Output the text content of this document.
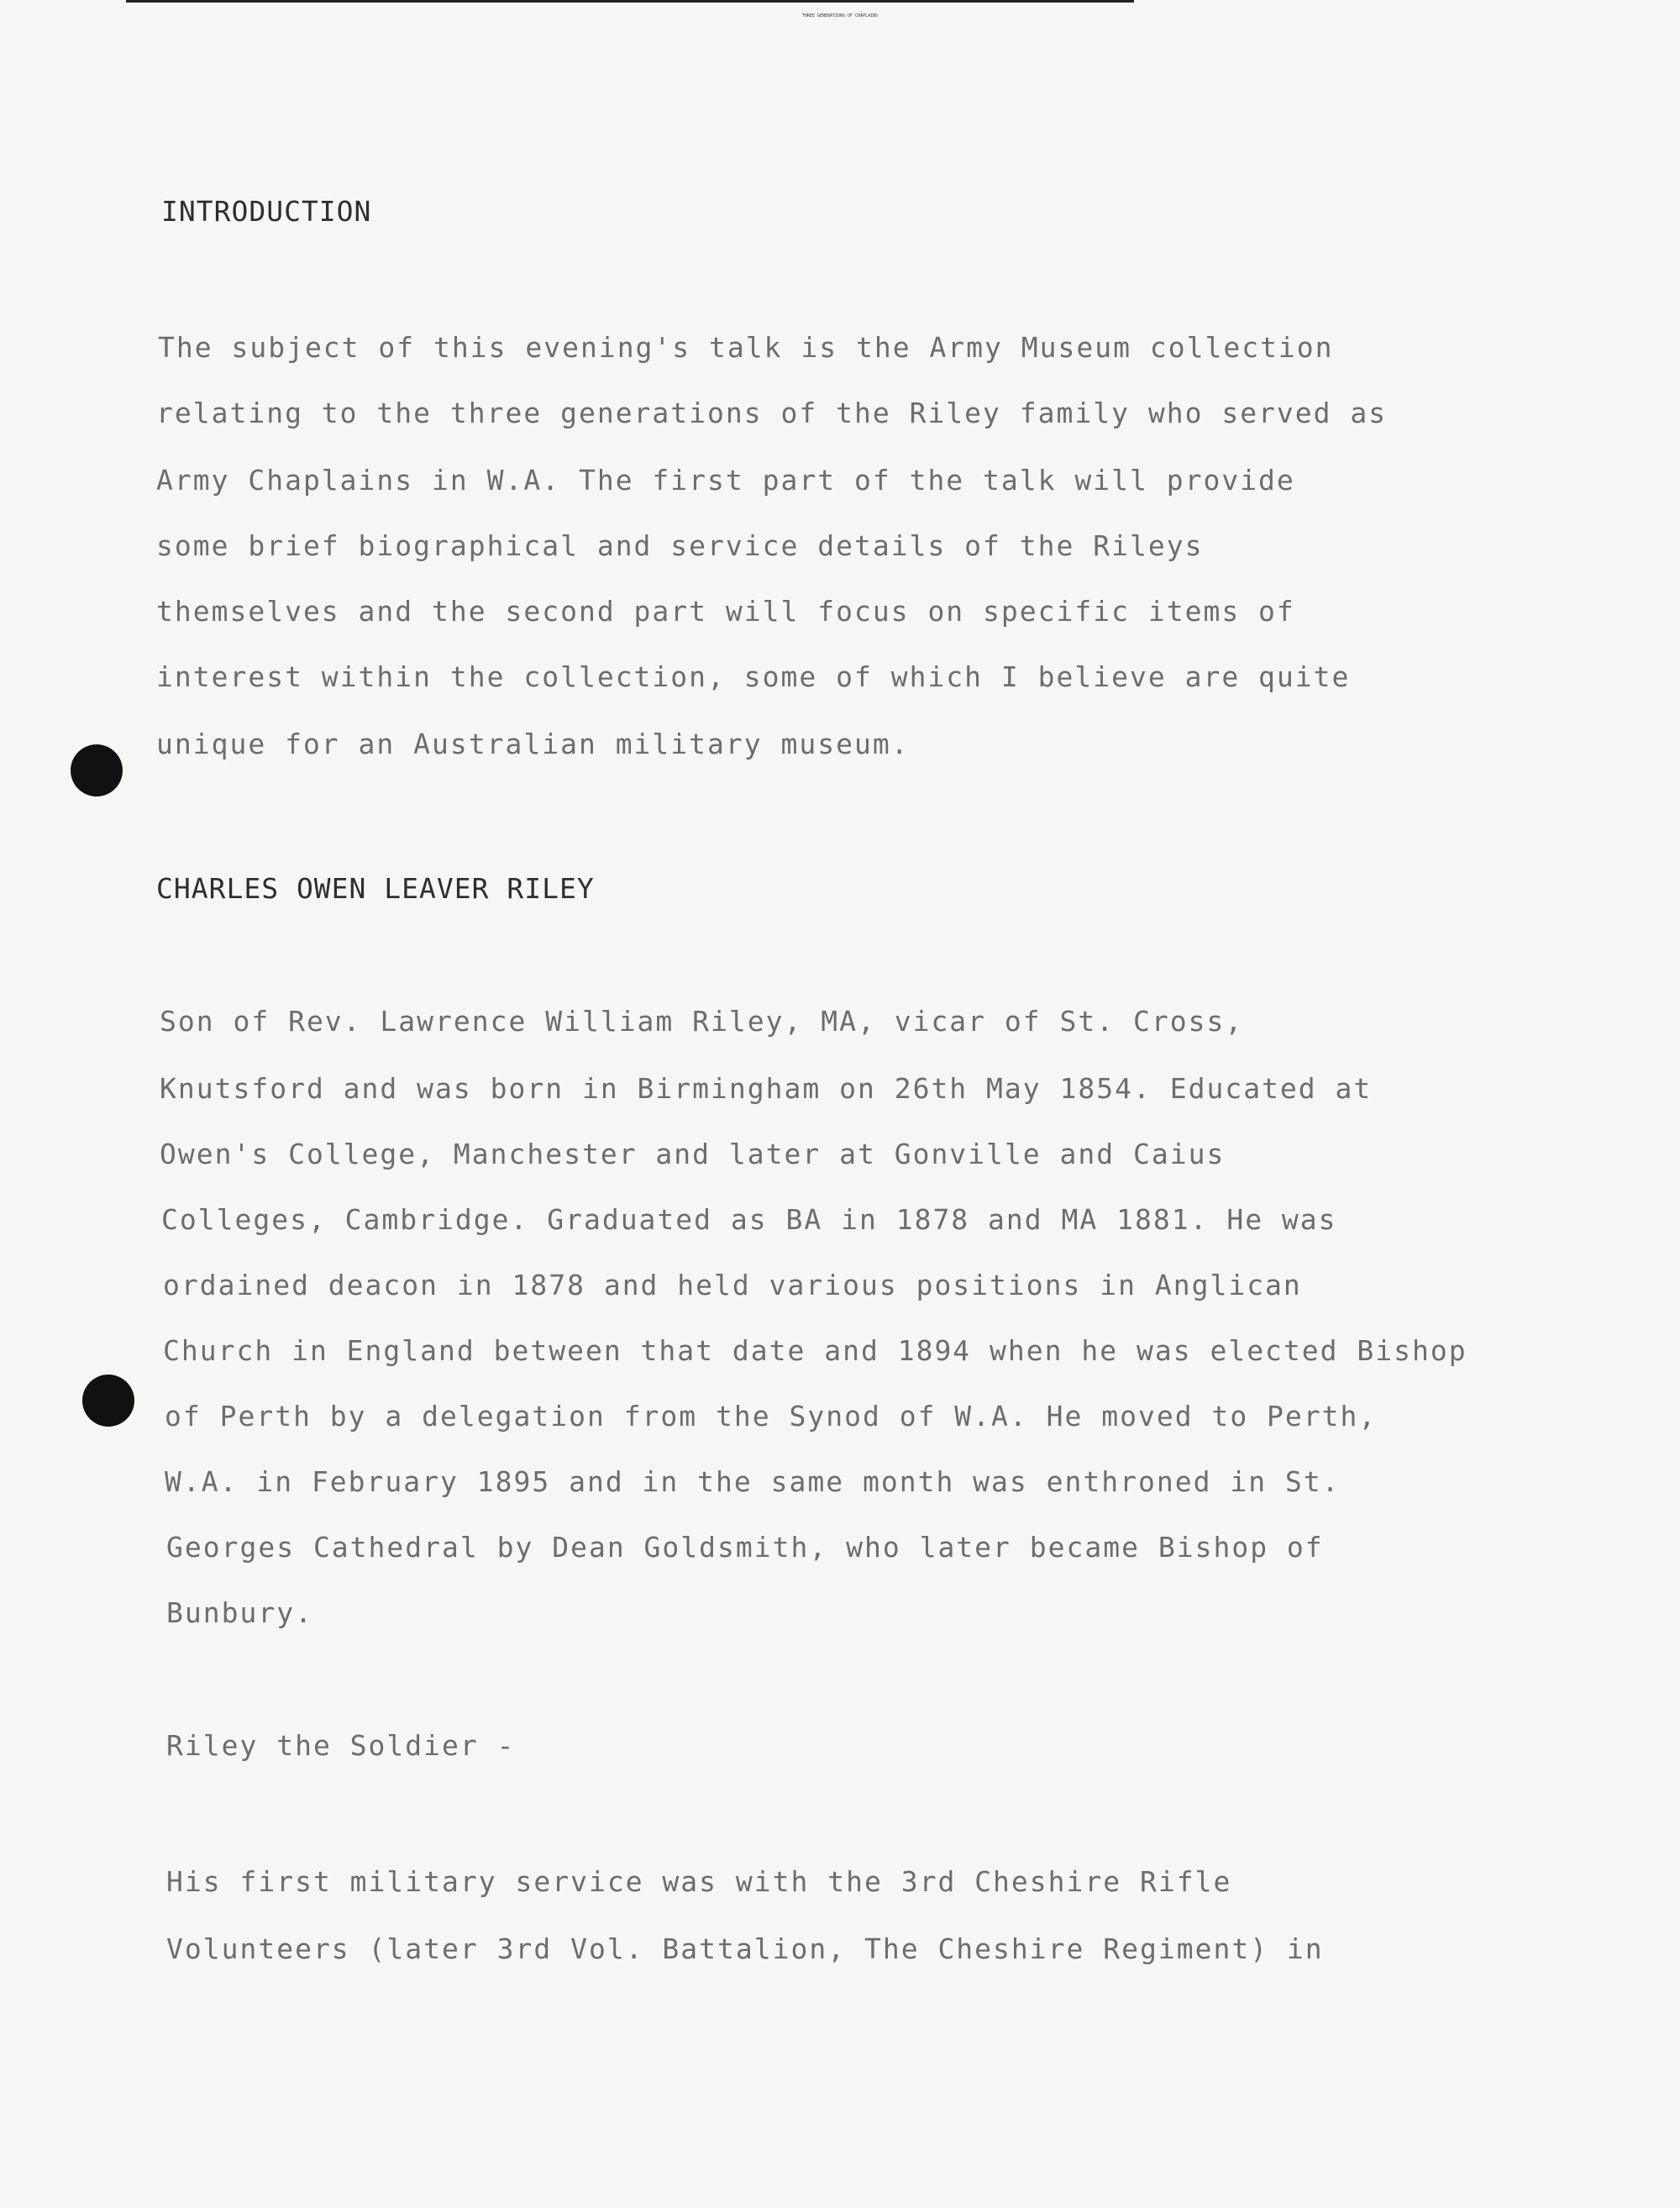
THREE GENERATIONS OF CHAPLAINS
INTRODUCTION
The subject of this evening's talk is the Army Museum collection
relating to the three generations of the Riley family who served as
Army Chaplains in W.A. The first part of the talk will provide
some brief biographical and service details of the Rileys
themselves and the second part will focus on specific items of
interest within the collection, some of which I believe are quite
unique for an Australian military museum.
CHARLES OWEN LEAVER RILEY
Son of Rev. Lawrence William Riley, MA, vicar of St. Cross,
Knutsford and was born in Birmingham on 26th May 1854. Educated at
Owen's College, Manchester and later at Gonville and Caius
Colleges, Cambridge. Graduated as BA in 1878 and MA 1881. He was
ordained deacon in 1878 and held various positions in Anglican
Church in England between that date and 1894 when he was elected Bishop
of Perth by a delegation from the Synod of W.A. He moved to Perth,
W.A. in February 1895 and in the same month was enthroned in St.
Georges Cathedral by Dean Goldsmith, who later became Bishop of
Bunbury.
Riley the Soldier -
His first military service was with the 3rd Cheshire Rifle
Volunteers (later 3rd Vol. Battalion, The Cheshire Regiment) in
